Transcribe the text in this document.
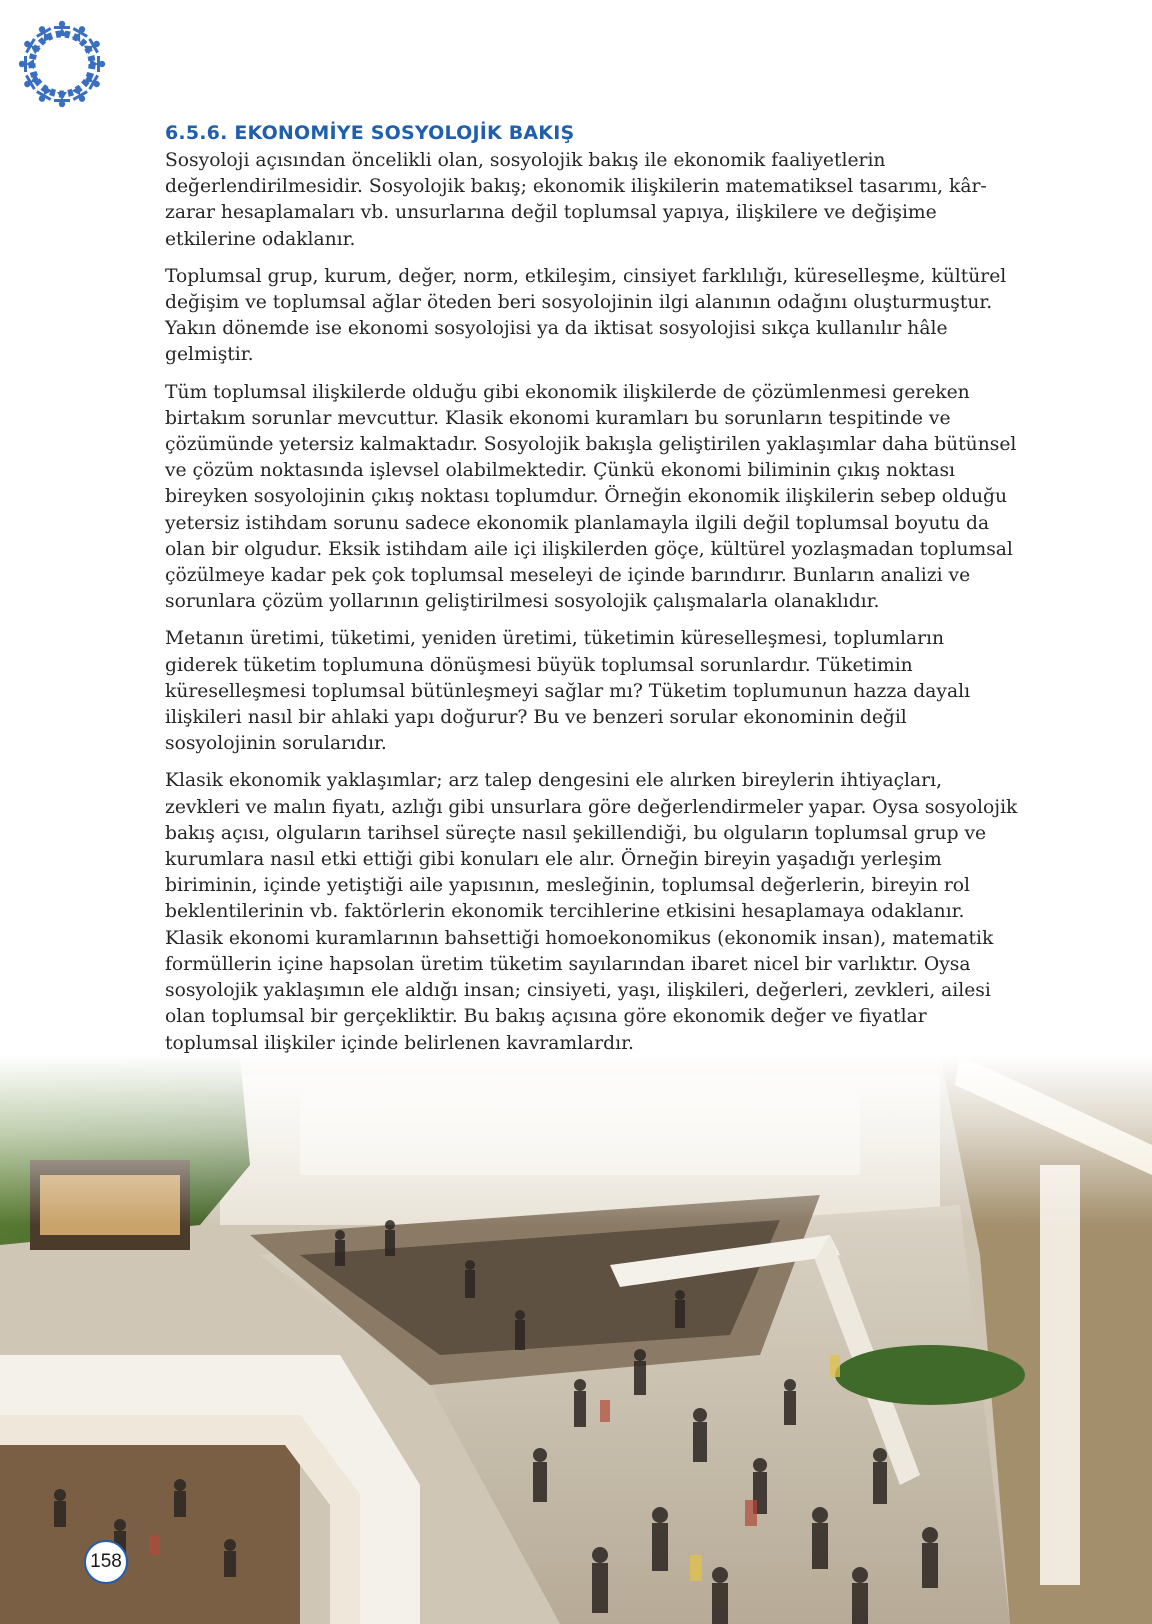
6.5.6. EKONOMİYE SOSYOLOJİK BAKIŞ

Sosyoloji açısından öncelikli olan, sosyolojik bakış ile ekonomik faaliyetlerin değerlendirilmesidir. Sosyolojik bakış; ekonomik ilişkilerin matematiksel tasarımı, kâr-zarar hesaplamaları vb. unsurlarına değil toplumsal yapıya, ilişkilere ve değişime etkilerine odaklanır.

Toplumsal grup, kurum, değer, norm, etkileşim, cinsiyet farklılığı, küreselleşme, kültürel değişim ve toplumsal ağlar öteden beri sosyolojinin ilgi alanının odağını oluşturmuştur. Yakın dönemde ise ekonomi sosyolojisi ya da iktisat sosyolojisi sıkça kullanılır hâle gelmiştir.

Tüm toplumsal ilişkilerde olduğu gibi ekonomik ilişkilerde de çözümlenmesi gereken birtakım sorunlar mevcuttur. Klasik ekonomi kuramları bu sorunların tespitinde ve çözümünde yetersiz kalmaktadır. Sosyolojik bakışla geliştirilen yaklaşımlar daha bütünsel ve çözüm noktasında işlevsel olabilmektedir. Çünkü ekonomi biliminin çıkış noktası bireyken sosyolojinin çıkış noktası toplumdur. Örneğin ekonomik ilişkilerin sebep olduğu yetersiz istihdam sorunu sadece ekonomik planlamayla ilgili değil toplumsal boyutu da olan bir olgudur. Eksik istihdam aile içi ilişkilerden göçe, kültürel yozlaşmadan toplumsal çözülmeye kadar pek çok toplumsal meseleyi de içinde barındırır. Bunların analizi ve sorunlara çözüm yollarının geliştirilmesi sosyolojik çalışmalarla olanaklıdır.

Metanın üretimi, tüketimi, yeniden üretimi, tüketimin küreselleşmesi, toplumların giderek tüketim toplumuna dönüşmesi büyük toplumsal sorunlardır. Tüketimin küreselleşmesi toplumsal bütünleşmeyi sağlar mı? Tüketim toplumunun hazza dayalı ilişkileri nasıl bir ahlaki yapı doğurur? Bu ve benzeri sorular ekonominin değil sosyolojinin sorularıdır.

Klasik ekonomik yaklaşımlar; arz talep dengesini ele alırken bireylerin ihtiyaçları, zevkleri ve malın fiyatı, azlığı gibi unsurlara göre değerlendirmeler yapar. Oysa sosyolojik bakış açısı, olguların tarihsel süreçte nasıl şekillendiği, bu olguların toplumsal grup ve kurumlara nasıl etki ettiği gibi konuları ele alır. Örneğin bireyin yaşadığı yerleşim biriminin, içinde yetiştiği aile yapısının, mesleğinin, toplumsal değerlerin, bireyin rol beklentilerinin vb. faktörlerin ekonomik tercihlerine etkisini hesaplamaya odaklanır. Klasik ekonomi kuramlarının bahsettiği homoekonomikus (ekonomik insan), matematik formüllerin içine hapsolan üretim tüketim sayılarından ibaret nicel bir varlıktır. Oysa sosyolojik yaklaşımın ele aldığı insan; cinsiyeti, yaşı, ilişkileri, değerleri, zevkleri, ailesi olan toplumsal bir gerçekliktir. Bu bakış açısına göre ekonomik değer ve fiyatlar toplumsal ilişkiler içinde belirlenen kavramlardır.

158
